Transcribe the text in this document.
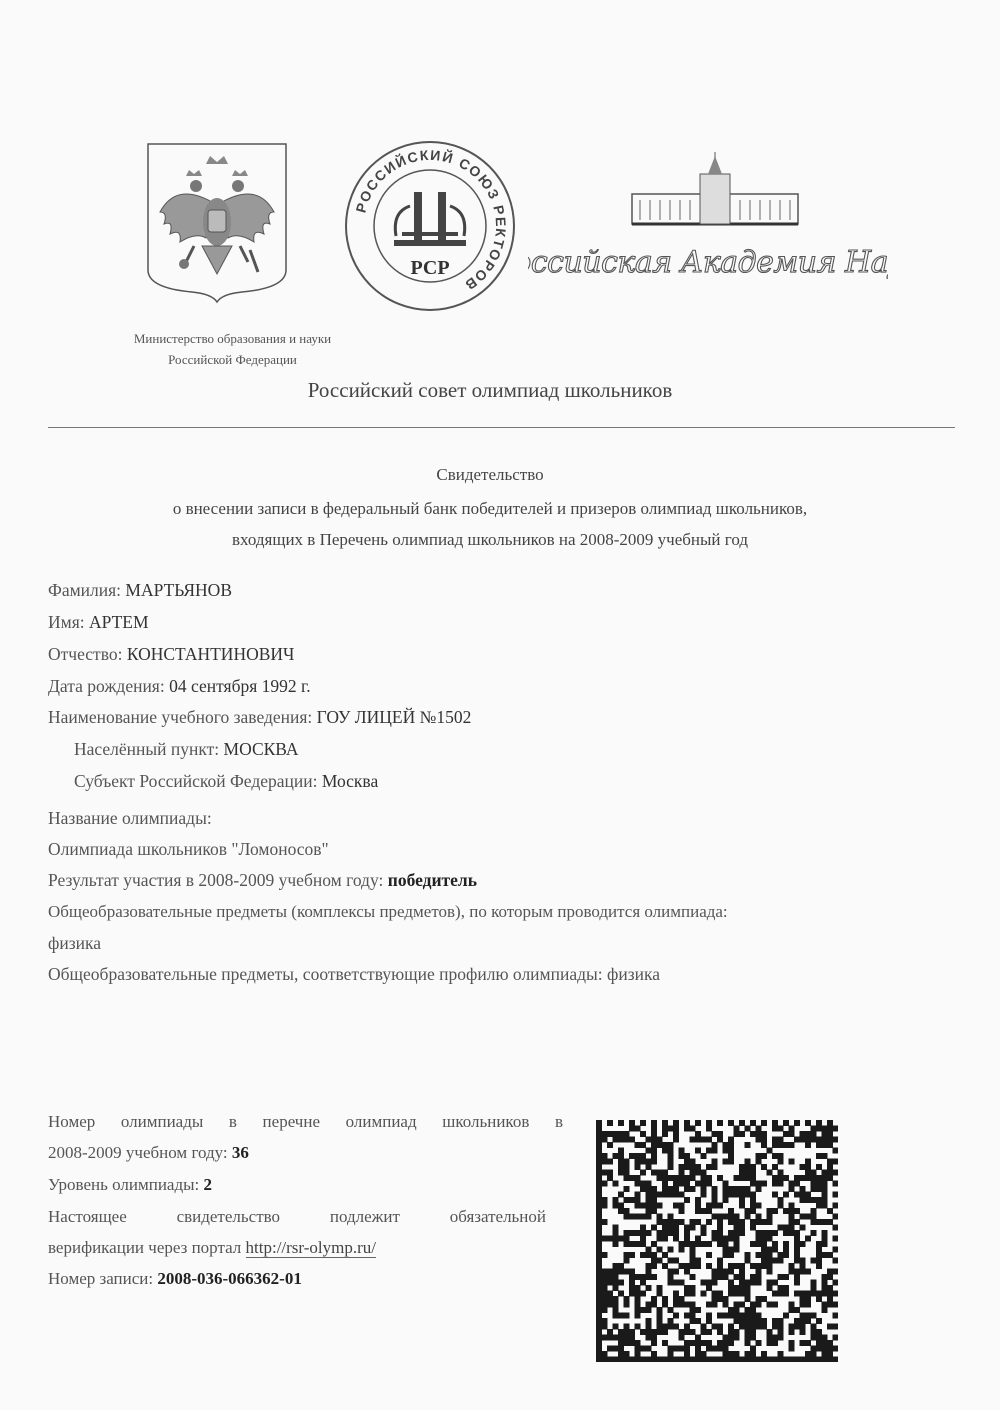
Министерство образования и науки
Российской Федерации
РОССИЙСКИЙ СОЮЗ РЕКТОРОВ
РСР	ссийская Академия На
Российский совет олимпиад школьников
Свидетельство
о внесении записи в федеральный банк победителей и призеров олимпиад школьников,
входящих в Перечень олимпиад школьников на 2008-2009 учебный год
Фамилия: МАРТЬЯНОВ
Имя: АРТЕМ
Отчество: КОНСТАНТИНОВИЧ
Дата рождения: 04 сентября 1992 г.
Наименование учебного заведения: ГОУ ЛИЦЕЙ №1502
Населённый пункт: МОСКВА
Субъект Российской Федерации: Москва
Название олимпиады:
Олимпиада школьников "Ломоносов"
Результат участия в 2008-2009 учебном году: победитель
Общеобразовательные предметы (комплексы предметов), по которым проводится олимпиада:
физика
Общеобразовательные предметы, соответствующие профилю олимпиады: физика
Номер олимпиады в перечне олимпиад школьников в
2008-2009 учебном году: 36
Уровень олимпиады: 2
Настоящее свидетельство подлежит обязательной
верификации через портал http://rsr-olymp.ru/
Номер записи: 2008-036-066362-01
